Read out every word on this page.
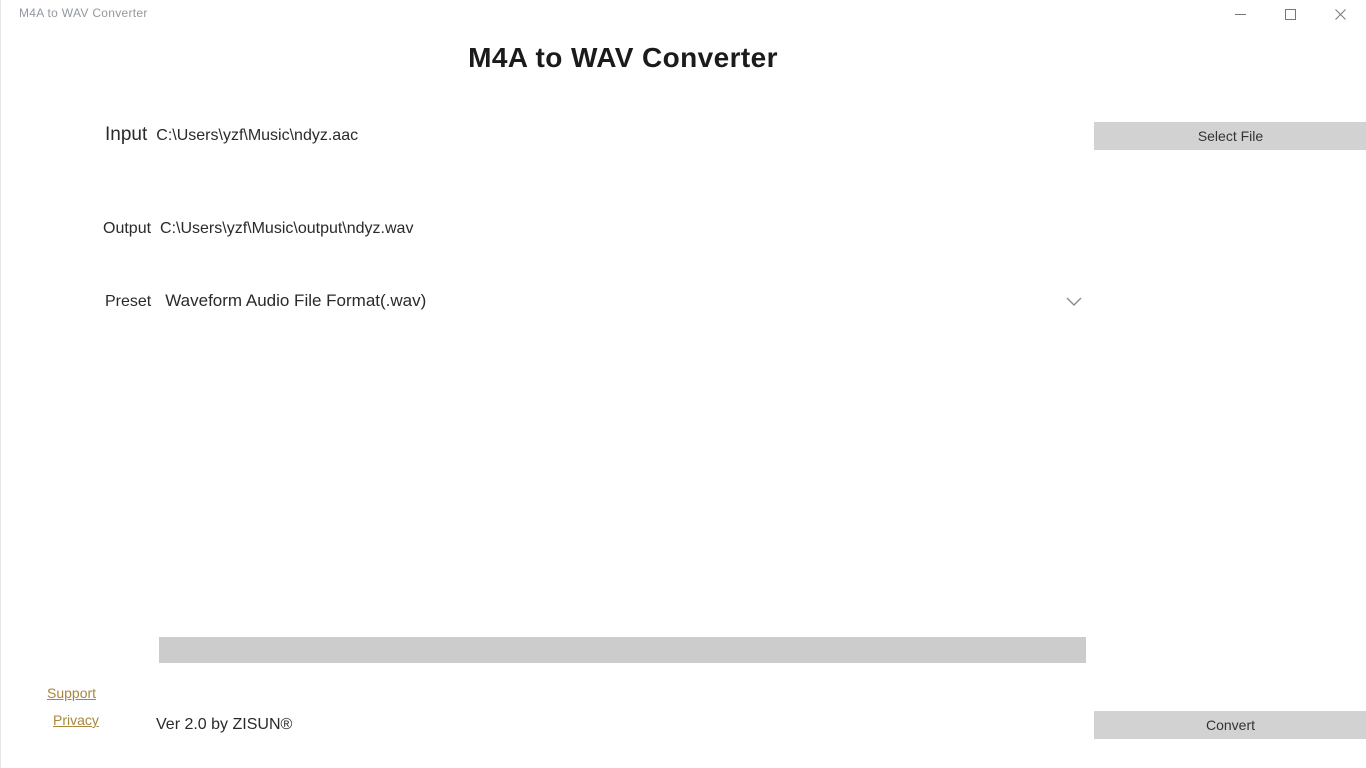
M4A to WAV Converter
M4A to WAV Converter
Input C:\Users\yzf\Music\ndyz.aac	Select File
Output C:\Users\yzf\Music\output\ndyz.wav
Preset Waveform Audio File Format(.wav)
Support
Privacy	Ver 2.0 by ZISUN®	Convert
